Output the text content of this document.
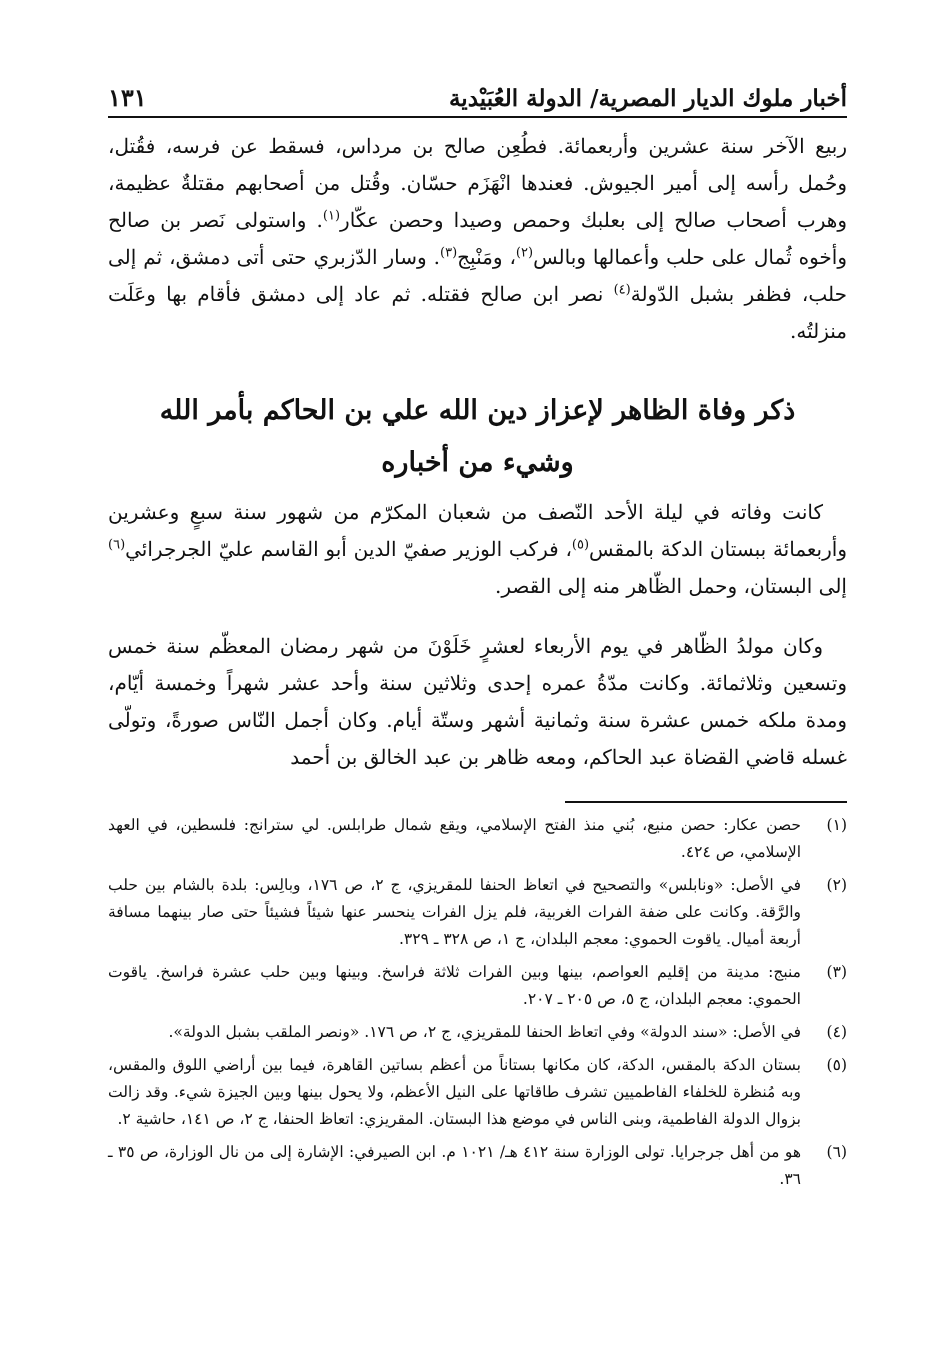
أخبار ملوك الديار المصرية/ الدولة العُبَيْدية
١٣١

ربيع الآخر سنة عشرين وأربعمائة. فطُعِن صالح بن مرداس، فسقط عن فرسه، فقُتل، وحُمل رأسه إلى أمير الجيوش. فعندها انْهَزَم حسّان. وقُتل من أصحابهم مقتلةٌ عظيمة، وهرب أصحاب صالح إلى بعلبك وحمص وصيدا وحصن عكّار$^{(١)}$. واستولى نَصر بن صالح وأخوه ثُمال على حلب وأعمالها وبالس$^{(٢)}$، ومَنْبِج$^{(٣)}$. وسار الدّزبري حتى أتى دمشق، ثم إلى حلب، فظفر بشبل الدّولة$^{(٤)}$ نصر ابن صالح فقتله. ثم عاد إلى دمشق فأقام بها وعَلَت منزلتُه.

ذكر وفاة الظاهر لإعزاز دين الله علي بن الحاكم بأمر الله
وشيء من أخباره

كانت وفاته في ليلة الأحد النّصف من شعبان المكرّم من شهور سنة سبعٍ وعشرين وأربعمائة ببستان الدكة بالمقس$^{(٥)}$، فركب الوزير صفيّ الدين أبو القاسم عليّ الجرجرائي$^{(٦)}$ إلى البستان، وحمل الظّاهر منه إلى القصر.

وكان مولدُ الظّاهر في يوم الأربعاء لعشرٍ خَلَوْنَ من شهر رمضان المعظّم سنة خمس وتسعين وثلاثمائة. وكانت مدّةُ عمره إحدى وثلاثين سنة وأحد عشر شهراً وخمسة أيّام، ومدة ملكه خمس عشرة سنة وثمانية أشهر وستّة أيام. وكان أجمل النّاس صورةً، وتولّى غسله قاضي القضاة عبد الحاكم، ومعه ظاهر بن عبد الخالق بن أحمد

(١)
حصن عكار: حصن منيع، بُني منذ الفتح الإسلامي، ويقع شمال طرابلس. لي سترانج: فلسطين، في العهد الإسلامي، ص ٤٢٤.
(٢)
في الأصل: «ونابلس» والتصحيح في اتعاظ الحنفا للمقريزي، ج ٢، ص ١٧٦، وبالِس: بلدة بالشام بين حلب والرَّقة. وكانت على ضفة الفرات الغربية، فلم يزل الفرات ينحسر عنها شيئاً فشيئاً حتى صار بينهما مسافة أربعة أميال. ياقوت الحموي: معجم البلدان، ج ١، ص ٣٢٨ ـ ٣٢٩.
(٣)
منبج: مدينة من إقليم العواصم، بينها وبين الفرات ثلاثة فراسخ. وبينها وبين حلب عشرة فراسخ. ياقوت الحموي: معجم البلدان، ج ٥، ص ٢٠٥ ـ ٢٠٧.
(٤)
في الأصل: «سند الدولة» وفي اتعاظ الحنفا للمقريزي، ج ٢، ص ١٧٦. «ونصر الملقب بشبل الدولة».
(٥)
بستان الدكة بالمقس، الدكة، كان مكانها بستاناً من أعظم بساتين القاهرة، فيما بين أراضي اللوق والمقس، وبه مُنظرة للخلفاء الفاطميين تشرف طاقاتها على النيل الأعظم، ولا يحول بينها وبين الجيزة شيء. وقد زالت بزوال الدولة الفاطمية، وبنى الناس في موضع هذا البستان. المقريزي: اتعاظ الحنفا، ج ٢، ص ١٤١، حاشية ٢.
(٦)
هو من أهل جرجرايا. تولى الوزارة سنة ٤١٢ هـ/ ١٠٢١ م. ابن الصيرفي: الإشارة إلى من نال الوزارة، ص ٣٥ ـ ٣٦.
